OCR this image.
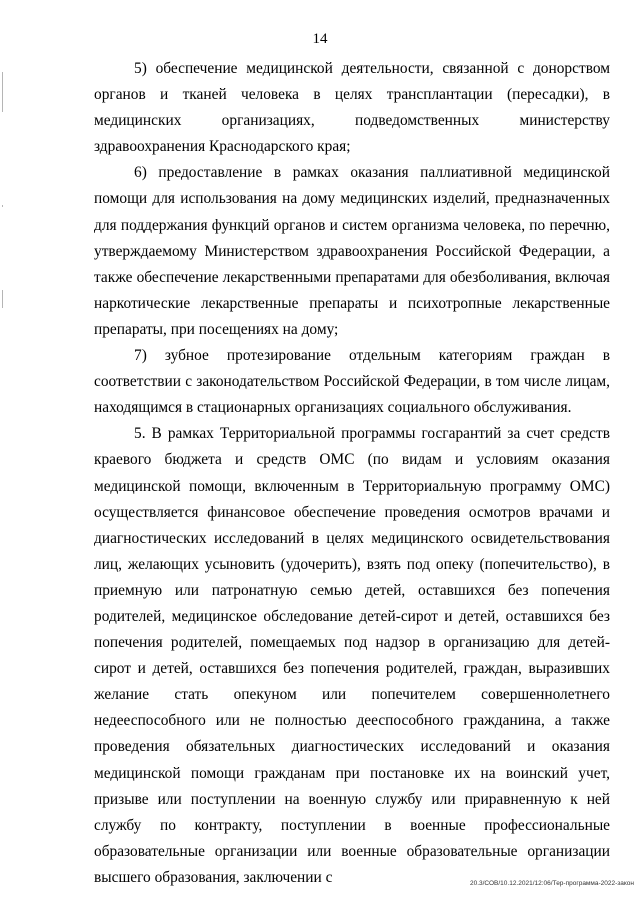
14

5) обеспечение медицинской деятельности, связанной с донорством органов и тканей человека в целях трансплантации (пересадки), в медицинских организациях, подведомственных министерству здравоохранения Краснодарского края;

6) предоставление в рамках оказания паллиативной медицинской помощи для использования на дому медицинских изделий, предназначенных для поддержания функций органов и систем организма человека, по перечню, утверждаемому Министерством здравоохранения Российской Федерации, а также обеспечение лекарственными препаратами для обезболивания, включая наркотические лекарственные препараты и психотропные лекарственные препараты, при посещениях на дому;

7) зубное протезирование отдельным категориям граждан в соответствии с законодательством Российской Федерации, в том числе лицам, находящимся в стационарных организациях социального обслуживания.

5. В рамках Территориальной программы госгарантий за счет средств краевого бюджета и средств ОМС (по видам и условиям оказания медицинской помощи, включенным в Территориальную программу ОМС) осуществляется финансовое обеспечение проведения осмотров врачами и диагностических исследований в целях медицинского освидетельствования лиц, желающих усыновить (удочерить), взять под опеку (попечительство), в приемную или патронатную семью детей, оставшихся без попечения родителей, медицинское обследование детей-сирот и детей, оставшихся без попечения родителей, помещаемых под надзор в организацию для детей-сирот и детей, оставшихся без попечения родителей, граждан, выразивших желание стать опекуном или попечителем совершеннолетнего недееспособного или не полностью дееспособного гражданина, а также проведения обязательных диагностических исследований и оказания медицинской помощи гражданам при постановке их на воинский учет, призыве или поступлении на военную службу или приравненную к ней службу по контракту, поступлении в военные профессиональные образовательные организации или военные образовательные организации высшего образования, заключении с	20.3/СОВ/10.12.2021/12:06/Тер-программа-2022-закон
